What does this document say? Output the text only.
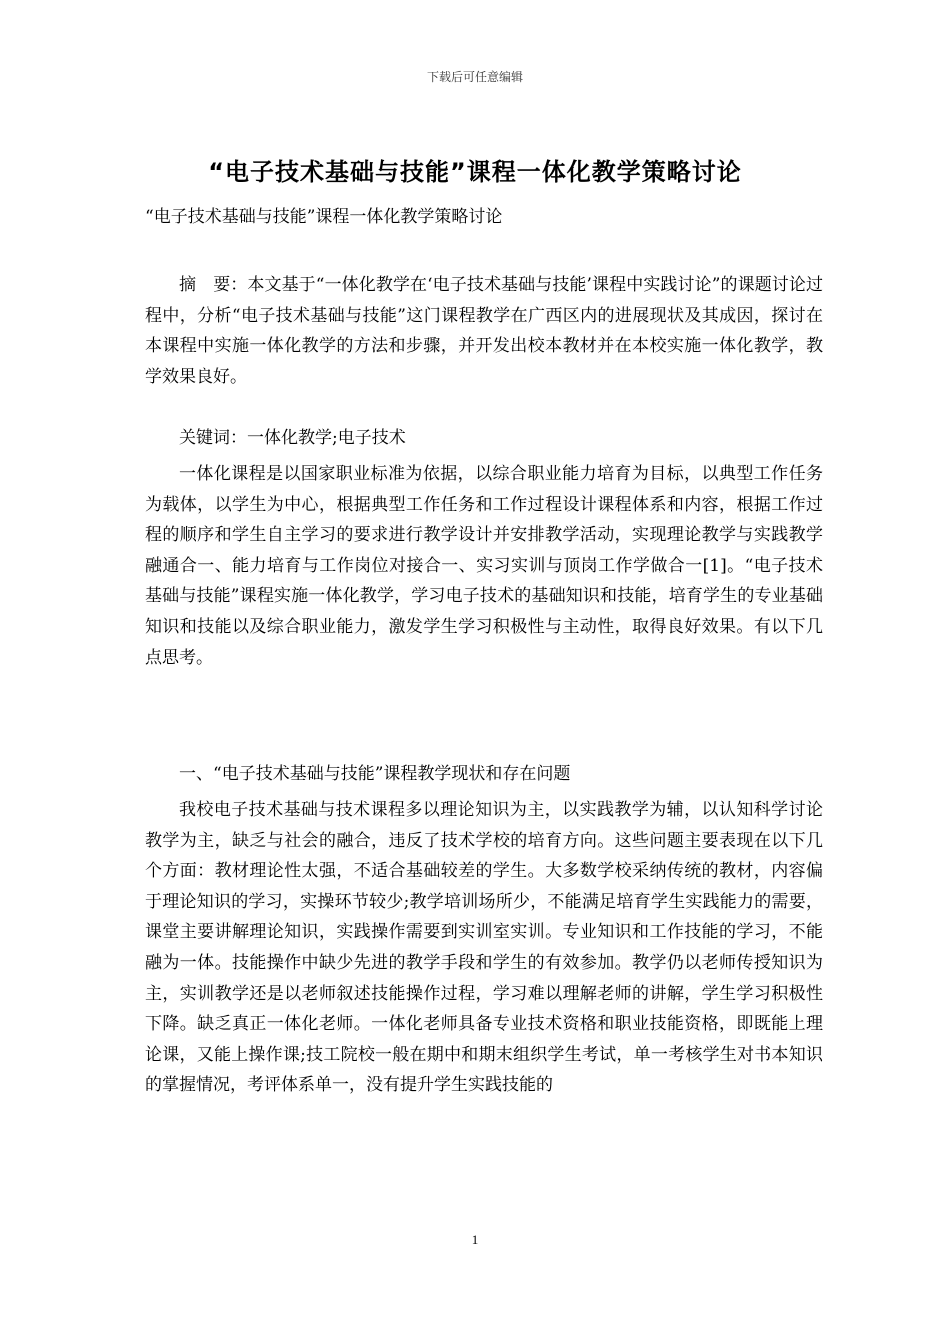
下载后可任意编辑
“电子技术基础与技能”课程一体化教学策略讨论
“电子技术基础与技能”课程一体化教学策略讨论

摘　要：本文基于“一体化教学在‘电子技术基础与技能’课程中实践讨论”的课题讨论过程中，分析“电子技术基础与技能”这门课程教学在广西区内的进展现状及其成因，探讨在本课程中实施一体化教学的方法和步骤，并开发出校本教材并在本校实施一体化教学，教学效果良好。

关键词：一体化教学;电子技术

一体化课程是以国家职业标准为依据，以综合职业能力培育为目标，以典型工作任务为载体，以学生为中心，根据典型工作任务和工作过程设计课程体系和内容，根据工作过程的顺序和学生自主学习的要求进行教学设计并安排教学活动，实现理论教学与实践教学融通合一、能力培育与工作岗位对接合一、实习实训与顶岗工作学做合一[1]。“电子技术基础与技能”课程实施一体化教学，学习电子技术的基础知识和技能，培育学生的专业基础知识和技能以及综合职业能力，激发学生学习积极性与主动性，取得良好效果。有以下几点思考。

一、“电子技术基础与技能”课程教学现状和存在问题

我校电子技术基础与技术课程多以理论知识为主，以实践教学为辅，以认知科学讨论教学为主，缺乏与社会的融合，违反了技术学校的培育方向。这些问题主要表现在以下几个方面：教材理论性太强，不适合基础较差的学生。大多数学校采纳传统的教材，内容偏于理论知识的学习，实操环节较少;教学培训场所少，不能满足培育学生实践能力的需要，课堂主要讲解理论知识，实践操作需要到实训室实训。专业知识和工作技能的学习，不能融为一体。技能操作中缺少先进的教学手段和学生的有效参加。教学仍以老师传授知识为主，实训教学还是以老师叙述技能操作过程，学习难以理解老师的讲解，学生学习积极性下降。缺乏真正一体化老师。一体化老师具备专业技术资格和职业技能资格，即既能上理论课，又能上操作课;技工院校一般在期中和期末组织学生考试，单一考核学生对书本知识的掌握情况，考评体系单一，没有提升学生实践技能的

1
